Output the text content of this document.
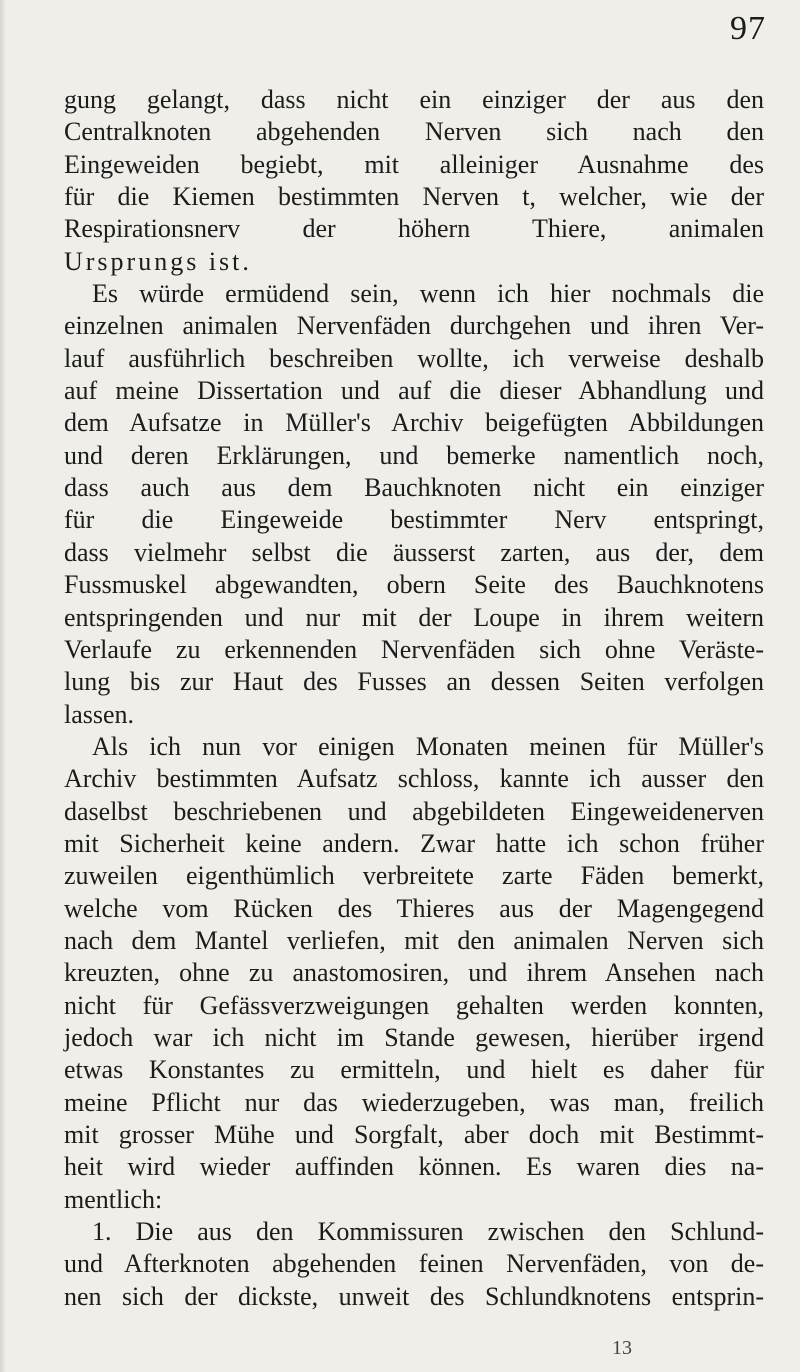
97

gung gelangt, dass nicht ein einziger der aus den
Centralknoten abgehenden Nerven sich nach den
Eingeweiden begiebt, mit alleiniger Ausnahme des
für die Kiemen bestimmten Nerven t, welcher, wie der
Respirationsnerv der höhern Thiere, animalen
Ursprungs ist.
Es würde ermüdend sein, wenn ich hier nochmals die
einzelnen animalen Nervenfäden durchgehen und ihren Ver-
lauf ausführlich beschreiben wollte, ich verweise deshalb
auf meine Dissertation und auf die dieser Abhandlung und
dem Aufsatze in Müller's Archiv beigefügten Abbildungen
und deren Erklärungen, und bemerke namentlich noch,
dass auch aus dem Bauchknoten nicht ein einziger
für die Eingeweide bestimmter Nerv entspringt,
dass vielmehr selbst die äusserst zarten, aus der, dem
Fussmuskel abgewandten, obern Seite des Bauchknotens
entspringenden und nur mit der Loupe in ihrem weitern
Verlaufe zu erkennenden Nervenfäden sich ohne Veräste-
lung bis zur Haut des Fusses an dessen Seiten verfolgen
lassen.
Als ich nun vor einigen Monaten meinen für Müller's
Archiv bestimmten Aufsatz schloss, kannte ich ausser den
daselbst beschriebenen und abgebildeten Eingeweidenerven
mit Sicherheit keine andern. Zwar hatte ich schon früher
zuweilen eigenthümlich verbreitete zarte Fäden bemerkt,
welche vom Rücken des Thieres aus der Magengegend
nach dem Mantel verliefen, mit den animalen Nerven sich
kreuzten, ohne zu anastomosiren, und ihrem Ansehen nach
nicht für Gefässverzweigungen gehalten werden konnten,
jedoch war ich nicht im Stande gewesen, hierüber irgend
etwas Konstantes zu ermitteln, und hielt es daher für
meine Pflicht nur das wiederzugeben, was man, freilich
mit grosser Mühe und Sorgfalt, aber doch mit Bestimmt-
heit wird wieder auffinden können. Es waren dies na-
mentlich:
1. Die aus den Kommissuren zwischen den Schlund-
und Afterknoten abgehenden feinen Nervenfäden, von de-
nen sich der dickste, unweit des Schlundknotens entsprin-
13
